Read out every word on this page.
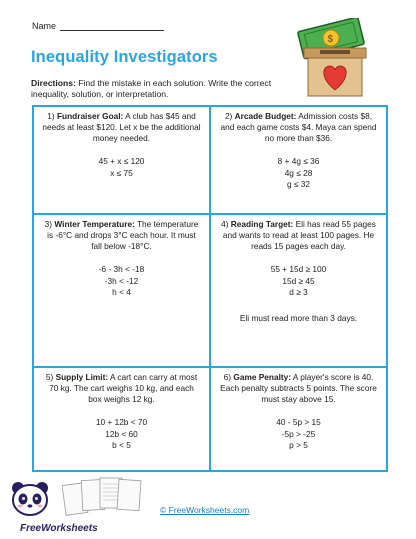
Name
Inequality Investigators
Directions: Find the mistake in each solution. Write the correct inequality, solution, or interpretation.
$
1) Fundraiser Goal: A club has $45 and needs at least $120. Let x be the additional money needed.
45 + x ≤ 120
x ≤ 75
2) Arcade Budget: Admission costs $8, and each game costs $4. Maya can spend no more than $36.
8 + 4g ≤ 36
4g ≤ 28
g ≤ 32
3) Winter Temperature: The temperature is -6°C and drops 3°C each hour. It must fall below -18°C.
-6 - 3h < -18
-3h < -12
h < 4
4) Reading Target: Eli has read 55 pages and wants to read at least 100 pages. He reads 15 pages each day.
55 + 15d ≥ 100
15d ≥ 45
d ≥ 3
Eli must read more than 3 days.
5) Supply Limit: A cart can carry at most 70 kg. The cart weighs 10 kg, and each box weighs 12 kg.
10 + 12b < 70
12b < 60
b < 5
6) Game Penalty: A player's score is 40. Each penalty subtracts 5 points. The score must stay above 15.
40 - 5p > 15
-5p > -25
p > 5
FreeWorksheets
© FreeWorksheets.com
